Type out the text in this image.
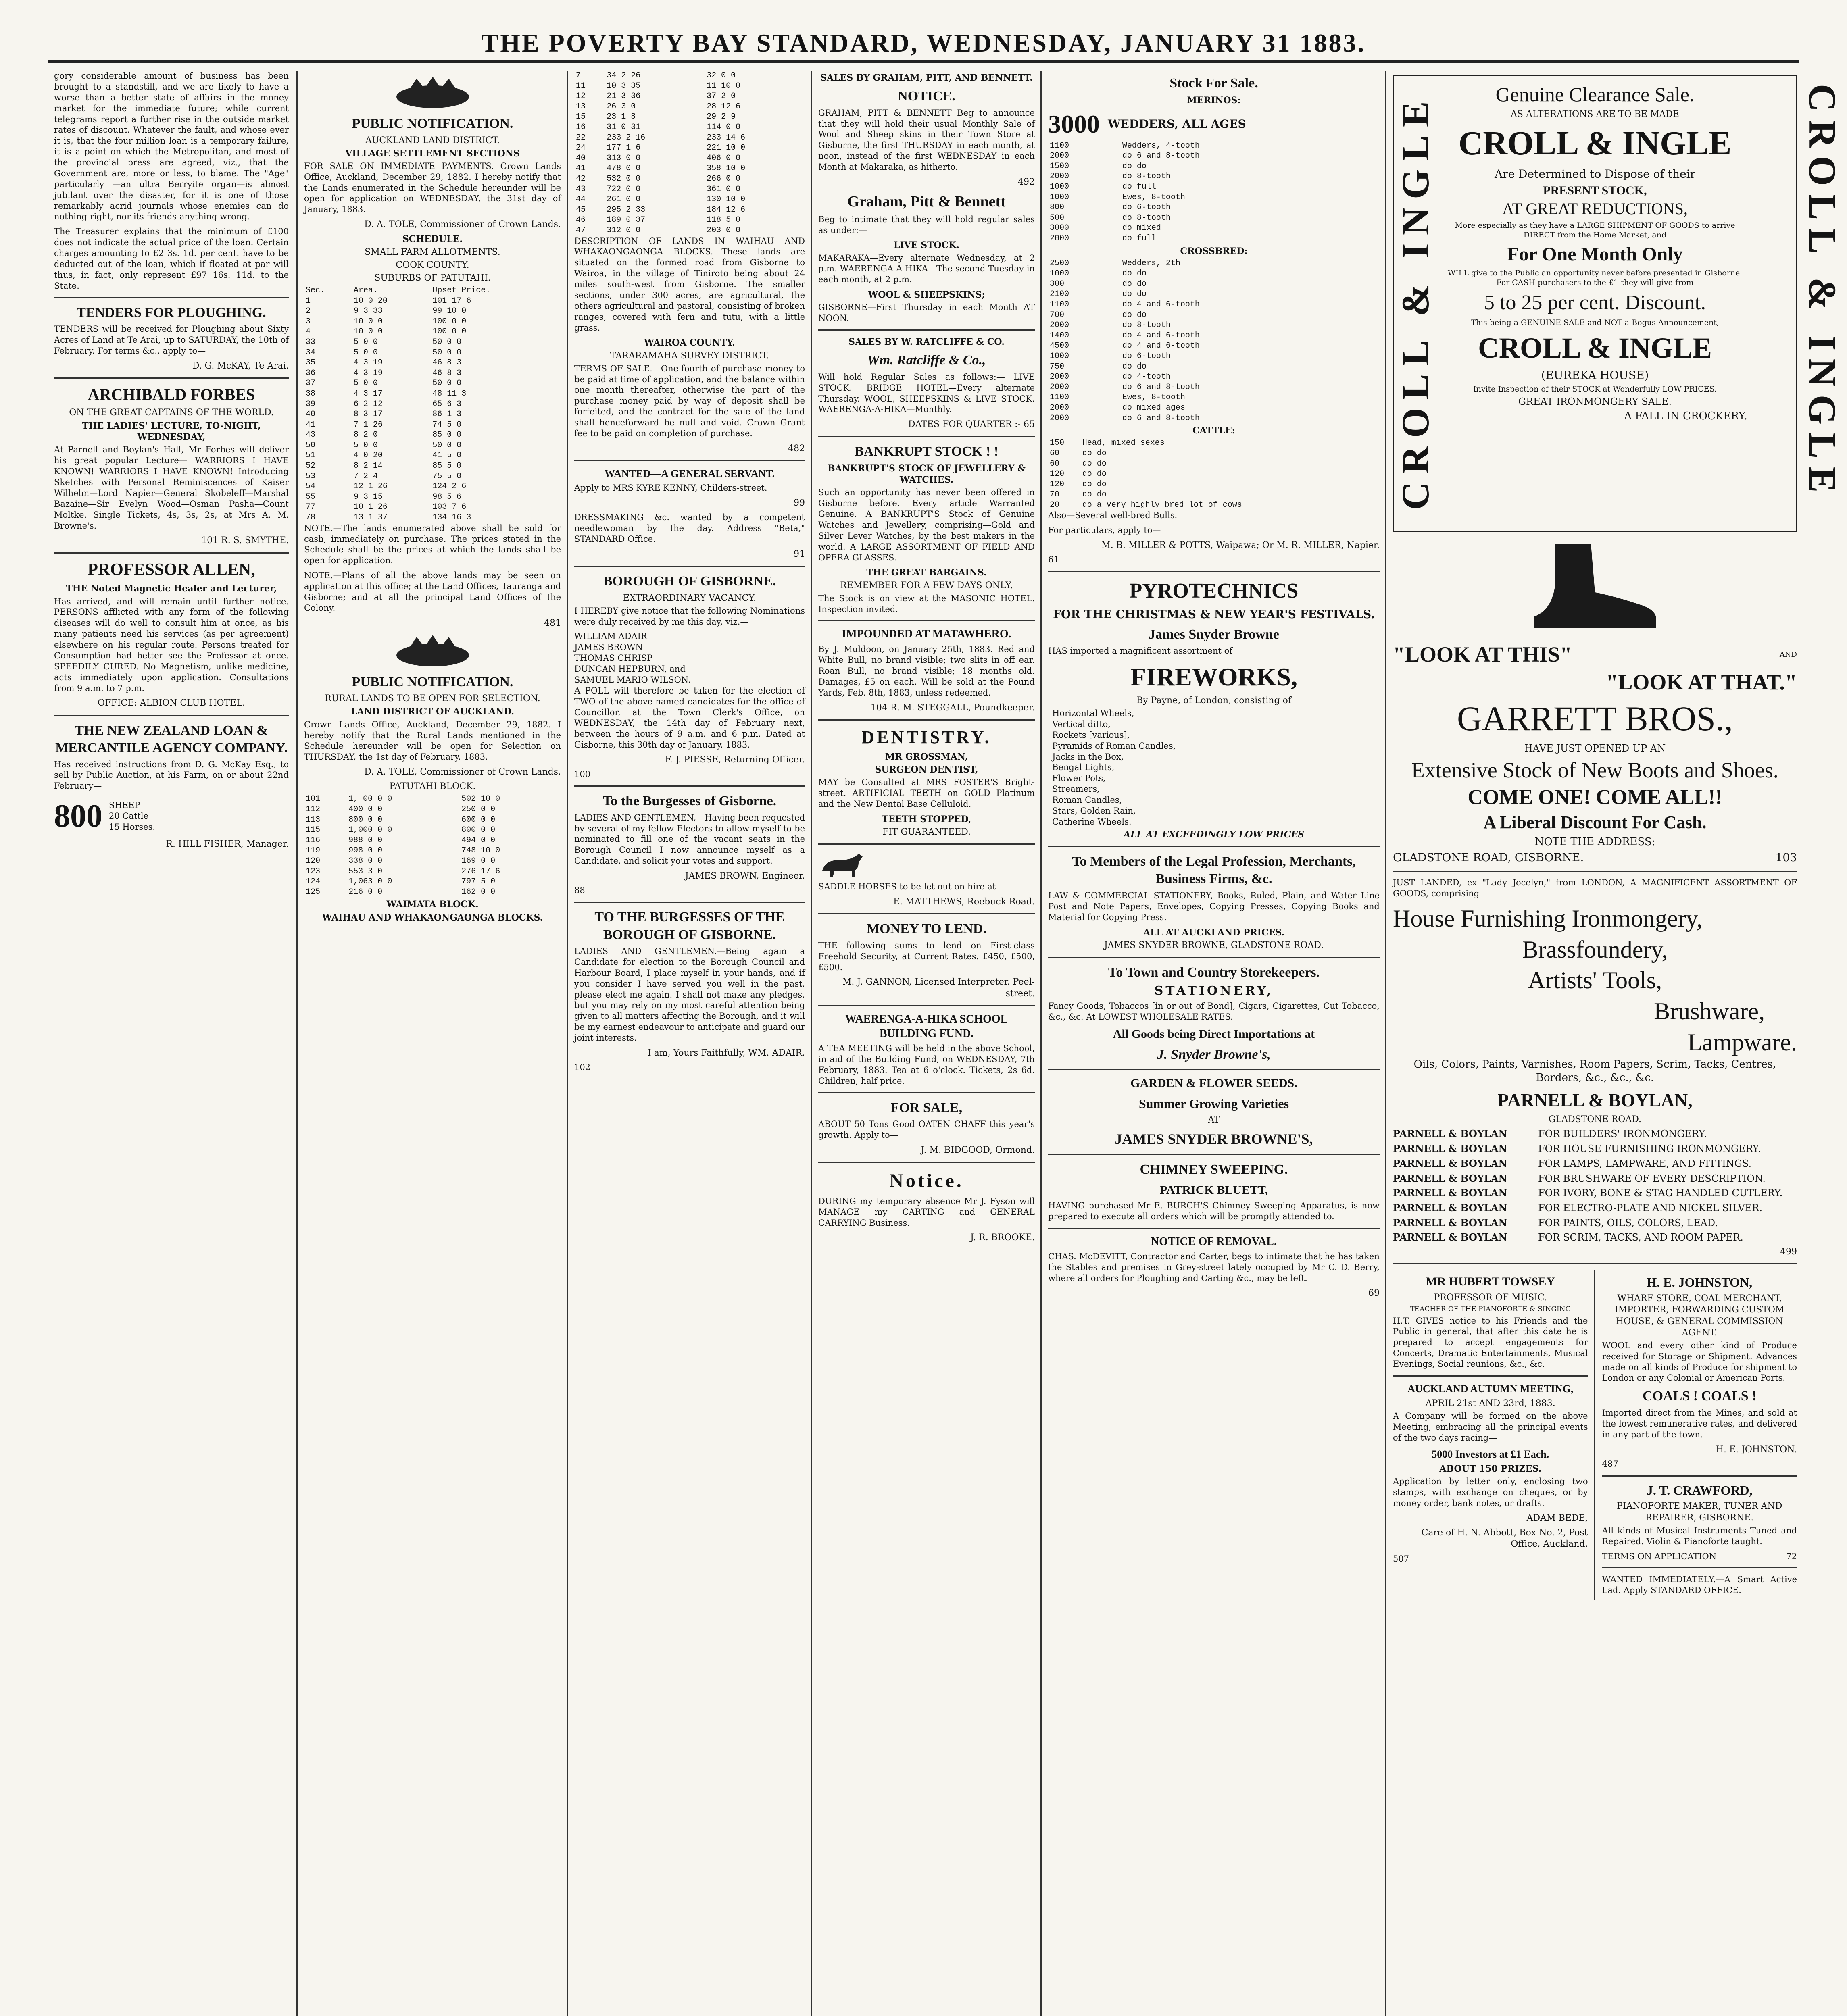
THE POVERTY BAY STANDARD, WEDNESDAY, JANUARY 31 1883.

gory considerable amount of business has been brought to a standstill, and we are likely to have a worse than a better state of affairs in the money market for the immediate future; while current telegrams report a further rise in the outside market rates of discount. Whatever the fault, and whose ever it is, that the four million loan is a temporary failure, it is a point on which the Metropolitan, and most of the provincial press are agreed, viz., that the Government are, more or less, to blame. The "Age" particularly —an ultra Berryite organ—is almost jubilant over the disaster, for it is one of those remarkably acrid journals whose enemies can do nothing right, nor its friends anything wrong.

The Treasurer explains that the minimum of £100 does not indicate the actual price of the loan. Certain charges amounting to £2 3s. 1d. per cent. have to be deducted out of the loan, which if floated at par will thus, in fact, only represent £97 16s. 11d. to the State.

TENDERS FOR PLOUGHING.

TENDERS will be received for Ploughing about Sixty Acres of Land at Te Arai, up to SATURDAY, the 10th of February. For terms &c., apply to—

D. G. McKAY, Te Arai.
ARCHIBALD FORBES
ON THE GREAT CAPTAINS OF THE WORLD.
THE LADIES' LECTURE, TO-NIGHT, WEDNESDAY,

At Parnell and Boylan's Hall, Mr Forbes will deliver his great popular Lecture— WARRIORS I HAVE KNOWN! WARRIORS I HAVE KNOWN! Introducing Sketches with Personal Reminiscences of Kaiser Wilhelm—Lord Napier—General Skobeleff—Marshal Bazaine—Sir Evelyn Wood—Osman Pasha—Count Moltke. Single Tickets, 4s, 3s, 2s, at Mrs A. M. Browne's.

101 R. S. SMYTHE.
PROFESSOR ALLEN,
THE Noted Magnetic Healer and Lecturer,

Has arrived, and will remain until further notice. PERSONS afflicted with any form of the following diseases will do well to consult him at once, as his many patients need his services (as per agreement) elsewhere on his regular route. Persons treated for Consumption had better see the Professor at once. SPEEDILY CURED. No Magnetism, unlike medicine, acts immediately upon application. Consultations from 9 a.m. to 7 p.m.

OFFICE: ALBION CLUB HOTEL.
THE NEW ZEALAND LOAN & MERCANTILE AGENCY COMPANY.

Has received instructions from D. G. McKay Esq., to sell by Public Auction, at his Farm, on or about 22nd February—

800 SHEEP
20 Cattle
15 Horses.
R. HILL FISHER, Manager.
PUBLIC NOTIFICATION.
AUCKLAND LAND DISTRICT.
VILLAGE SETTLEMENT SECTIONS

FOR SALE ON IMMEDIATE PAYMENTS. Crown Lands Office, Auckland, December 29, 1882. I hereby notify that the Lands enumerated in the Schedule hereunder will be open for application on WEDNESDAY, the 31st day of January, 1883.

D. A. TOLE, Commissioner of Crown Lands.
SCHEDULE.
SMALL FARM ALLOTMENTS.
COOK COUNTY.
SUBURBS OF PATUTAHI.
Sec.	Area.	Upset Price.
1	10 0 20	101 17 6
2	9 3 33	99 10 0
3	10 0 0	100 0 0
4	10 0 0	100 0 0
33	5 0 0	50 0 0
34	5 0 0	50 0 0
35	4 3 19	46 8 3
36	4 3 19	46 8 3
37	5 0 0	50 0 0
38	4 3 17	48 11 3
39	6 2 12	65 6 3
40	8 3 17	86 1 3
41	7 1 26	74 5 0
43	8 2 0	85 0 0
50	5 0 0	50 0 0
51	4 0 20	41 5 0
52	8 2 14	85 5 0
53	7 2 4	75 5 0
54	12 1 26	124 2 6
55	9 3 15	98 5 6
77	10 1 26	103 7 6
78	13 1 37	134 16 3

NOTE.—The lands enumerated above shall be sold for cash, immediately on purchase. The prices stated in the Schedule shall be the prices at which the lands shall be open for application.

NOTE.—Plans of all the above lands may be seen on application at this office; at the Land Offices, Tauranga and Gisborne; and at all the principal Land Offices of the Colony.

481
PUBLIC NOTIFICATION.
RURAL LANDS TO BE OPEN FOR SELECTION.
LAND DISTRICT OF AUCKLAND.

Crown Lands Office, Auckland, December 29, 1882. I hereby notify that the Rural Lands mentioned in the Schedule hereunder will be open for Selection on THURSDAY, the 1st day of February, 1883.

D. A. TOLE, Commissioner of Crown Lands.
PATUTAHI BLOCK.
101	1, 00 0 0	502 10 0
112	400 0 0	250 0 0
113	800 0 0	600 0 0
115	1,000 0 0	800 0 0
116	988 0 0	494 0 0
119	998 0 0	748 10 0
120	338 0 0	169 0 0
123	553 3 0	276 17 6
124	1,063 0 0	797 5 0
125	216 0 0	162 0 0
WAIMATA BLOCK.
WAIHAU AND WHAKAONGAONGA BLOCKS.
7	34 2 26	32 0 0
11	10 3 35	11 10 0
12	21 3 36	37 2 0
13	26 3 0	28 12 6
15	23 1 8	29 2 9
16	31 0 31	114 0 0
22	233 2 16	233 14 6
24	177 1 6	221 10 0
40	313 0 0	406 0 0
41	478 0 0	358 10 0
42	532 0 0	266 0 0
43	722 0 0	361 0 0
44	261 0 0	130 10 0
45	295 2 33	184 12 6
46	189 0 37	118 5 0
47	312 0 0	203 0 0

DESCRIPTION OF LANDS IN WAIHAU AND WHAKAONGAONGA BLOCKS.—These lands are situated on the formed road from Gisborne to Wairoa, in the village of Tiniroto being about 24 miles south-west from Gisborne. The smaller sections, under 300 acres, are agricultural, the others agricultural and pastoral, consisting of broken ranges, covered with fern and tutu, with a little grass.

WAIROA COUNTY.
TARARAMAHA SURVEY DISTRICT.

TERMS OF SALE.—One-fourth of purchase money to be paid at time of application, and the balance within one month thereafter, otherwise the part of the purchase money paid by way of deposit shall be forfeited, and the contract for the sale of the land shall henceforward be null and void. Crown Grant fee to be paid on completion of purchase.

482
WANTED—A GENERAL SERVANT.

Apply to MRS KYRE KENNY, Childers-street.

99

DRESSMAKING &c. wanted by a competent needlewoman by the day. Address "Beta," STANDARD Office.

91
BOROUGH OF GISBORNE.
EXTRAORDINARY VACANCY.

I HEREBY give notice that the following Nominations were duly received by me this day, viz.—

WILLIAM ADAIR
JAMES BROWN
THOMAS CHRISP
DUNCAN HEPBURN, and
SAMUEL MARIO WILSON.

A POLL will therefore be taken for the election of TWO of the above-named candidates for the office of Councillor, at the Town Clerk's Office, on WEDNESDAY, the 14th day of February next, between the hours of 9 a.m. and 6 p.m. Dated at Gisborne, this 30th day of January, 1883.

F. J. PIESSE, Returning Officer.
100
To the Burgesses of Gisborne.

LADIES AND GENTLEMEN,—Having been requested by several of my fellow Electors to allow myself to be nominated to fill one of the vacant seats in the Borough Council I now announce myself as a Candidate, and solicit your votes and support.

JAMES BROWN, Engineer.
88
TO THE BURGESSES OF THE BOROUGH OF GISBORNE.

LADIES AND GENTLEMEN.—Being again a Candidate for election to the Borough Council and Harbour Board, I place myself in your hands, and if you consider I have served you well in the past, please elect me again. I shall not make any pledges, but you may rely on my most careful attention being given to all matters affecting the Borough, and it will be my earnest endeavour to anticipate and guard our joint interests.

I am, Yours Faithfully, WM. ADAIR.
102
SALES BY GRAHAM, PITT, AND BENNETT.
NOTICE.

GRAHAM, PITT & BENNETT Beg to announce that they will hold their usual Monthly Sale of Wool and Sheep skins in their Town Store at Gisborne, the first THURSDAY in each month, at noon, instead of the first WEDNESDAY in each Month at Makaraka, as hitherto.

492
Graham, Pitt & Bennett

Beg to intimate that they will hold regular sales as under:—

LIVE STOCK.

MAKARAKA—Every alternate Wednesday, at 2 p.m. WAERENGA-A-HIKA—The second Tuesday in each month, at 2 p.m.

WOOL & SHEEPSKINS;

GISBORNE—First Thursday in each Month AT NOON.

SALES BY W. RATCLIFFE & CO.
Wm. Ratcliffe & Co.,

Will hold Regular Sales as follows:— LIVE STOCK. BRIDGE HOTEL—Every alternate Thursday. WOOL, SHEEPSKINS & LIVE STOCK. WAERENGA-A-HIKA—Monthly.

DATES FOR QUARTER :- 65
BANKRUPT STOCK ! !
BANKRUPT'S STOCK OF JEWELLERY & WATCHES.

Such an opportunity has never been offered in Gisborne before. Every article Warranted Genuine. A BANKRUPT'S Stock of Genuine Watches and Jewellery, comprising—Gold and Silver Lever Watches, by the best makers in the world. A LARGE ASSORTMENT OF FIELD AND OPERA GLASSES.

THE GREAT BARGAINS.
REMEMBER FOR A FEW DAYS ONLY.

The Stock is on view at the MASONIC HOTEL. Inspection invited.

IMPOUNDED AT MATAWHERO.

By J. Muldoon, on January 25th, 1883. Red and White Bull, no brand visible; two slits in off ear. Roan Bull, no brand visible; 18 months old. Damages, £5 on each. Will be sold at the Pound Yards, Feb. 8th, 1883, unless redeemed.

104 R. M. STEGGALL, Poundkeeper.
DENTISTRY.
MR GROSSMAN,
SURGEON DENTIST,

MAY be Consulted at MRS FOSTER'S Bright-street. ARTIFICIAL TEETH on GOLD Platinum and the New Dental Base Celluloid.

TEETH STOPPED,
FIT GUARANTEED.

SADDLE HORSES to be let out on hire at—

E. MATTHEWS, Roebuck Road.
MONEY TO LEND.

THE following sums to lend on First-class Freehold Security, at Current Rates. £450, £500, £500.

M. J. GANNON, Licensed Interpreter. Peel-street.
WAERENGA-A-HIKA SCHOOL BUILDING FUND.

A TEA MEETING will be held in the above School, in aid of the Building Fund, on WEDNESDAY, 7th February, 1883. Tea at 6 o'clock. Tickets, 2s 6d. Children, half price.

FOR SALE,

ABOUT 50 Tons Good OATEN CHAFF this year's growth. Apply to—

J. M. BIDGOOD, Ormond.
Notice.

DURING my temporary absence Mr J. Fyson will MANAGE my CARTING and GENERAL CARRYING Business.

J. R. BROOKE.
Stock For Sale.
MERINOS:
3000 WEDDERS, ALL AGES
1100	Wedders, 4-tooth
2000	do 6 and 8-tooth
1500	do do
2000	do 8-tooth
1000	do full
1000	Ewes, 8-tooth
800	do 6-tooth
500	do 8-tooth
3000	do mixed
2000	do full
CROSSBRED:
2500	Wedders, 2th
1000	do do
300	do do
2100	do do
1100	do 4 and 6-tooth
700	do do
2000	do 8-tooth
1400	do 4 and 6-tooth
4500	do 4 and 6-tooth
1000	do 6-tooth
750	do do
2000	do 4-tooth
2000	do 6 and 8-tooth
1100	Ewes, 8-tooth
2000	do mixed ages
2000	do 6 and 8-tooth
CATTLE:
150	Head, mixed sexes
60	do do
60	do do
120	do do
120	do do
70	do do
20	do a very highly bred lot of cows

Also—Several well-bred Bulls.

For particulars, apply to—

M. B. MILLER & POTTS, Waipawa; Or M. R. MILLER, Napier.
61
PYROTECHNICS
FOR THE CHRISTMAS & NEW YEAR'S FESTIVALS.
James Snyder Browne

HAS imported a magnificent assortment of

FIREWORKS,
By Payne, of London, consisting of
Horizontal Wheels,
Vertical ditto,
Rockets [various],
Pyramids of Roman Candles,
Jacks in the Box,
Bengal Lights,
Flower Pots,
Streamers,
Roman Candles,
Stars, Golden Rain,
Catherine Wheels.
ALL AT EXCEEDINGLY LOW PRICES
To Members of the Legal Profession, Merchants, Business Firms, &c.

LAW & COMMERCIAL STATIONERY, Books, Ruled, Plain, and Water Line Post and Note Papers, Envelopes, Copying Presses, Copying Books and Material for Copying Press.

ALL AT AUCKLAND PRICES.
JAMES SNYDER BROWNE, GLADSTONE ROAD.
To Town and Country Storekeepers.
STATIONERY,

Fancy Goods, Tobaccos [in or out of Bond], Cigars, Cigarettes, Cut Tobacco, &c., &c. At LOWEST WHOLESALE RATES.

All Goods being Direct Importations at
J. Snyder Browne's,
GARDEN & FLOWER SEEDS.
Summer Growing Varieties
— AT —
JAMES SNYDER BROWNE'S,
CHIMNEY SWEEPING.
PATRICK BLUETT,

HAVING purchased Mr E. BURCH'S Chimney Sweeping Apparatus, is now prepared to execute all orders which will be promptly attended to.

NOTICE OF REMOVAL.

CHAS. McDEVITT, Contractor and Carter, begs to intimate that he has taken the Stables and premises in Grey-street lately occupied by Mr C. D. Berry, where all orders for Ploughing and Carting &c., may be left.

69
CROLL & INGLE	CROLL & INGLE
Genuine Clearance Sale.
AS ALTERATIONS ARE TO BE MADE
CROLL & INGLE
Are Determined to Dispose of their
PRESENT STOCK,
AT GREAT REDUCTIONS,
More especially as they have a LARGE SHIPMENT OF GOODS to arrive DIRECT from the Home Market, and
For One Month Only
WILL give to the Public an opportunity never before presented in Gisborne. For CASH purchasers to the £1 they will give from
5 to 25 per cent. Discount.
This being a GENUINE SALE and NOT a Bogus Announcement,
CROLL & INGLE
(EUREKA HOUSE)
Invite Inspection of their STOCK at Wonderfully LOW PRICES.
GREAT IRONMONGERY SALE.
A FALL IN CROCKERY.
"LOOK AT THIS"	AND
"LOOK AT THAT."
GARRETT BROS.,
HAVE JUST OPENED UP AN
Extensive Stock of New Boots and Shoes.
COME ONE! COME ALL!!
A Liberal Discount For Cash.
NOTE THE ADDRESS:
GLADSTONE ROAD, GISBORNE.	103

JUST LANDED, ex "Lady Jocelyn," from LONDON, A MAGNIFICENT ASSORTMENT OF GOODS, comprising

House Furnishing Ironmongery,
Brassfoundery,
Artists' Tools,
Brushware,
Lampware.

Oils, Colors, Paints, Varnishes, Room Papers, Scrim, Tacks, Centres, Borders, &c., &c., &c.

PARNELL & BOYLAN,
GLADSTONE ROAD.
PARNELL & BOYLAN	FOR BUILDERS' IRONMONGERY.
PARNELL & BOYLAN	FOR HOUSE FURNISHING IRONMONGERY.
PARNELL & BOYLAN	FOR LAMPS, LAMPWARE, AND FITTINGS.
PARNELL & BOYLAN	FOR BRUSHWARE OF EVERY DESCRIPTION.
PARNELL & BOYLAN	FOR IVORY, BONE & STAG HANDLED CUTLERY.
PARNELL & BOYLAN	FOR ELECTRO-PLATE AND NICKEL SILVER.
PARNELL & BOYLAN	FOR PAINTS, OILS, COLORS, LEAD.
PARNELL & BOYLAN	FOR SCRIM, TACKS, AND ROOM PAPER.
499
MR HUBERT TOWSEY
PROFESSOR OF MUSIC.
TEACHER OF THE PIANOFORTE & SINGING

H.T. GIVES notice to his Friends and the Public in general, that after this date he is prepared to accept engagements for Concerts, Dramatic Entertainments, Musical Evenings, Social reunions, &c., &c.

AUCKLAND AUTUMN MEETING,
APRIL 21st AND 23rd, 1883.

A Company will be formed on the above Meeting, embracing all the principal events of the two days racing—

5000 Investors at £1 Each.
ABOUT 150 PRIZES.

Application by letter only, enclosing two stamps, with exchange on cheques, or by money order, bank notes, or drafts.

ADAM BEDE,
Care of H. N. Abbott, Box No. 2, Post Office, Auckland.
507
H. E. JOHNSTON,
WHARF STORE, COAL MERCHANT, IMPORTER, FORWARDING CUSTOM HOUSE, & GENERAL COMMISSION AGENT.

WOOL and every other kind of Produce received for Storage or Shipment. Advances made on all kinds of Produce for shipment to London or any Colonial or American Ports.

COALS ! COALS !

Imported direct from the Mines, and sold at the lowest remunerative rates, and delivered in any part of the town.

H. E. JOHNSTON.
487
J. T. CRAWFORD,
PIANOFORTE MAKER, TUNER AND REPAIRER, GISBORNE.

All kinds of Musical Instruments Tuned and Repaired. Violin & Pianoforte taught.

TERMS ON APPLICATION	72

WANTED IMMEDIATELY.—A Smart Active Lad. Apply STANDARD OFFICE.
